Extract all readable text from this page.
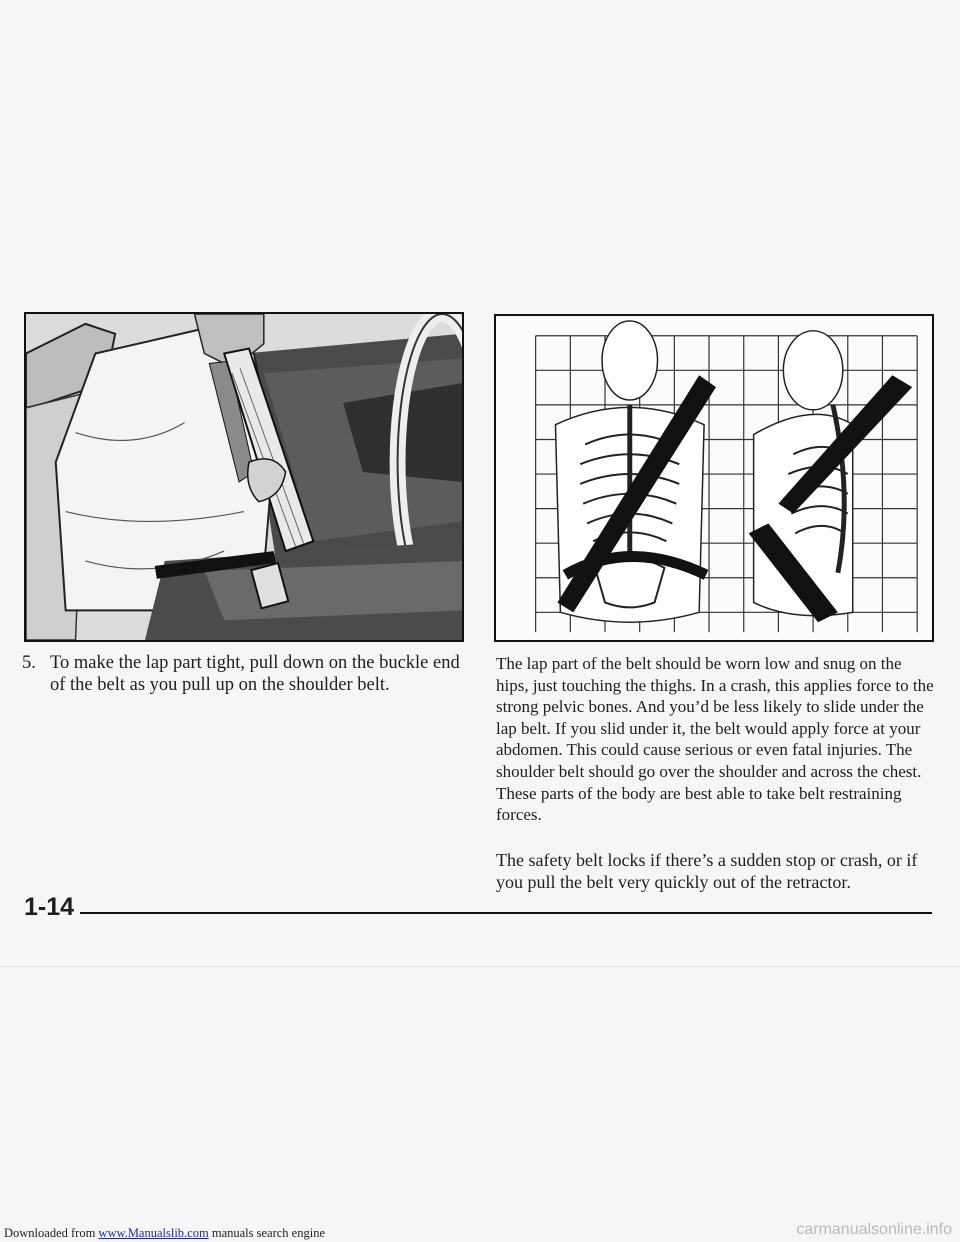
5. To make the lap part tight, pull down on the buckle end of the belt as you pull up on the shoulder belt.

The lap part of the belt should be worn low and snug on the hips, just touching the thighs. In a crash, this applies force to the strong pelvic bones. And you’d be less likely to slide under the lap belt. If you slid under it, the belt would apply force at your abdomen. This could cause serious or even fatal injuries. The shoulder belt should go over the shoulder and across the chest. These parts of the body are best able to take belt restraining forces.

The safety belt locks if there’s a sudden stop or crash, or if you pull the belt very quickly out of the retractor.

1-14
Downloaded from www.Manualslib.com manuals search engine	carmanualsonline.info
